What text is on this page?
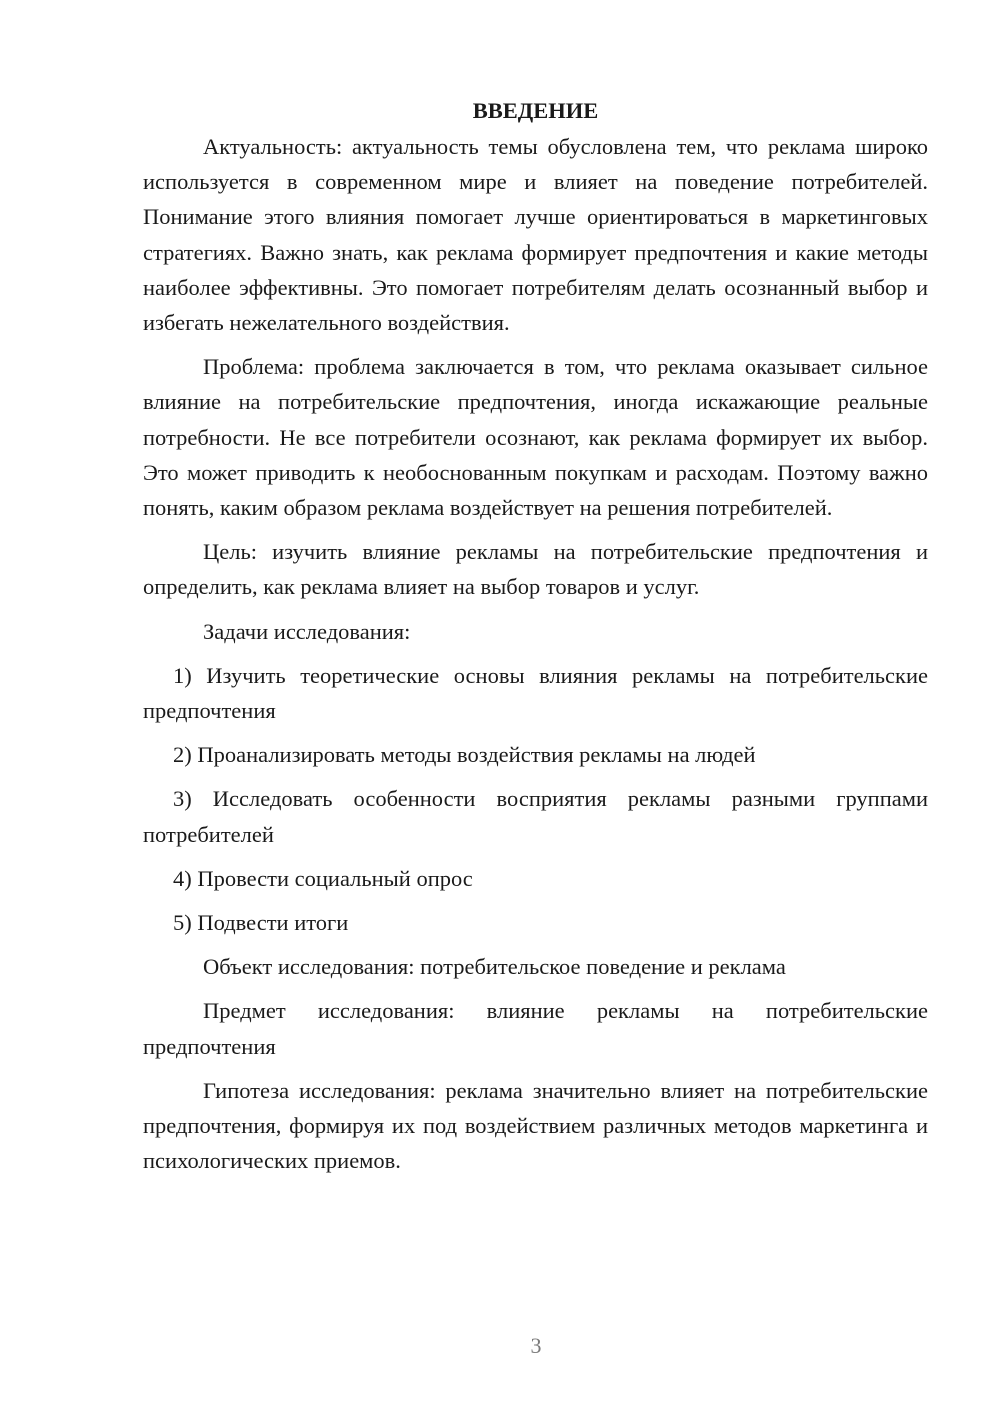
ВВЕДЕНИЕ

Актуальность: актуальность темы обусловлена тем, что реклама широко используется в современном мире и влияет на поведение потребителей. Понимание этого влияния помогает лучше ориентироваться в маркетинговых стратегиях. Важно знать, как реклама формирует предпочтения и какие методы наиболее эффективны. Это помогает потребителям делать осознанный выбор и избегать нежелательного воздействия.

Проблема: проблема заключается в том, что реклама оказывает сильное влияние на потребительские предпочтения, иногда искажающие реальные потребности. Не все потребители осознают, как реклама формирует их выбор. Это может приводить к необоснованным покупкам и расходам. Поэтому важно понять, каким образом реклама воздействует на решения потребителей.

Цель: изучить влияние рекламы на потребительские предпочтения и определить, как реклама влияет на выбор товаров и услуг.

Задачи исследования:

1) Изучить теоретические основы влияния рекламы на потребительские предпочтения

2) Проанализировать методы воздействия рекламы на людей

3) Исследовать особенности восприятия рекламы разными группами потребителей

4) Провести социальный опрос

5) Подвести итоги

Объект исследования: потребительское поведение и реклама

Предмет исследования: влияние рекламы на потребительские предпочтения

Гипотеза исследования: реклама значительно влияет на потребительские предпочтения, формируя их под воздействием различных методов маркетинга и психологических приемов.

3
